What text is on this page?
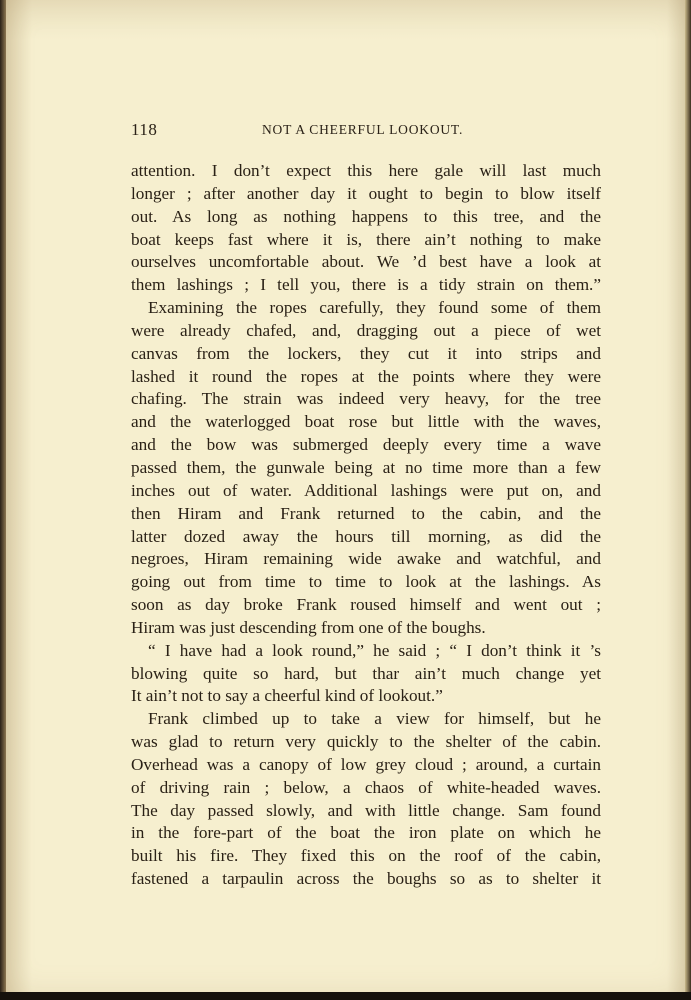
118	NOT A CHEERFUL LOOKOUT.
attention. I don’t expect this here gale will last much
longer ; after another day it ought to begin to blow itself
out. As long as nothing happens to this tree, and the
boat keeps fast where it is, there ain’t nothing to make
ourselves uncomfortable about. We ’d best have a look at
them lashings ; I tell you, there is a tidy strain on them.”
Examining the ropes carefully, they found some of them
were already chafed, and, dragging out a piece of wet
canvas from the lockers, they cut it into strips and
lashed it round the ropes at the points where they were
chafing. The strain was indeed very heavy, for the tree
and the waterlogged boat rose but little with the waves,
and the bow was submerged deeply every time a wave
passed them, the gunwale being at no time more than a few
inches out of water. Additional lashings were put on, and
then Hiram and Frank returned to the cabin, and the
latter dozed away the hours till morning, as did the
negroes, Hiram remaining wide awake and watchful, and
going out from time to time to look at the lashings. As
soon as day broke Frank roused himself and went out ;
Hiram was just descending from one of the boughs.
“ I have had a look round,” he said ; “ I don’t think it ’s
blowing quite so hard, but thar ain’t much change yet
It ain’t not to say a cheerful kind of lookout.”
Frank climbed up to take a view for himself, but he
was glad to return very quickly to the shelter of the cabin.
Overhead was a canopy of low grey cloud ; around, a curtain
of driving rain ; below, a chaos of white-headed waves.
The day passed slowly, and with little change. Sam found
in the fore-part of the boat the iron plate on which he
built his fire. They fixed this on the roof of the cabin,
fastened a tarpaulin across the boughs so as to shelter it
